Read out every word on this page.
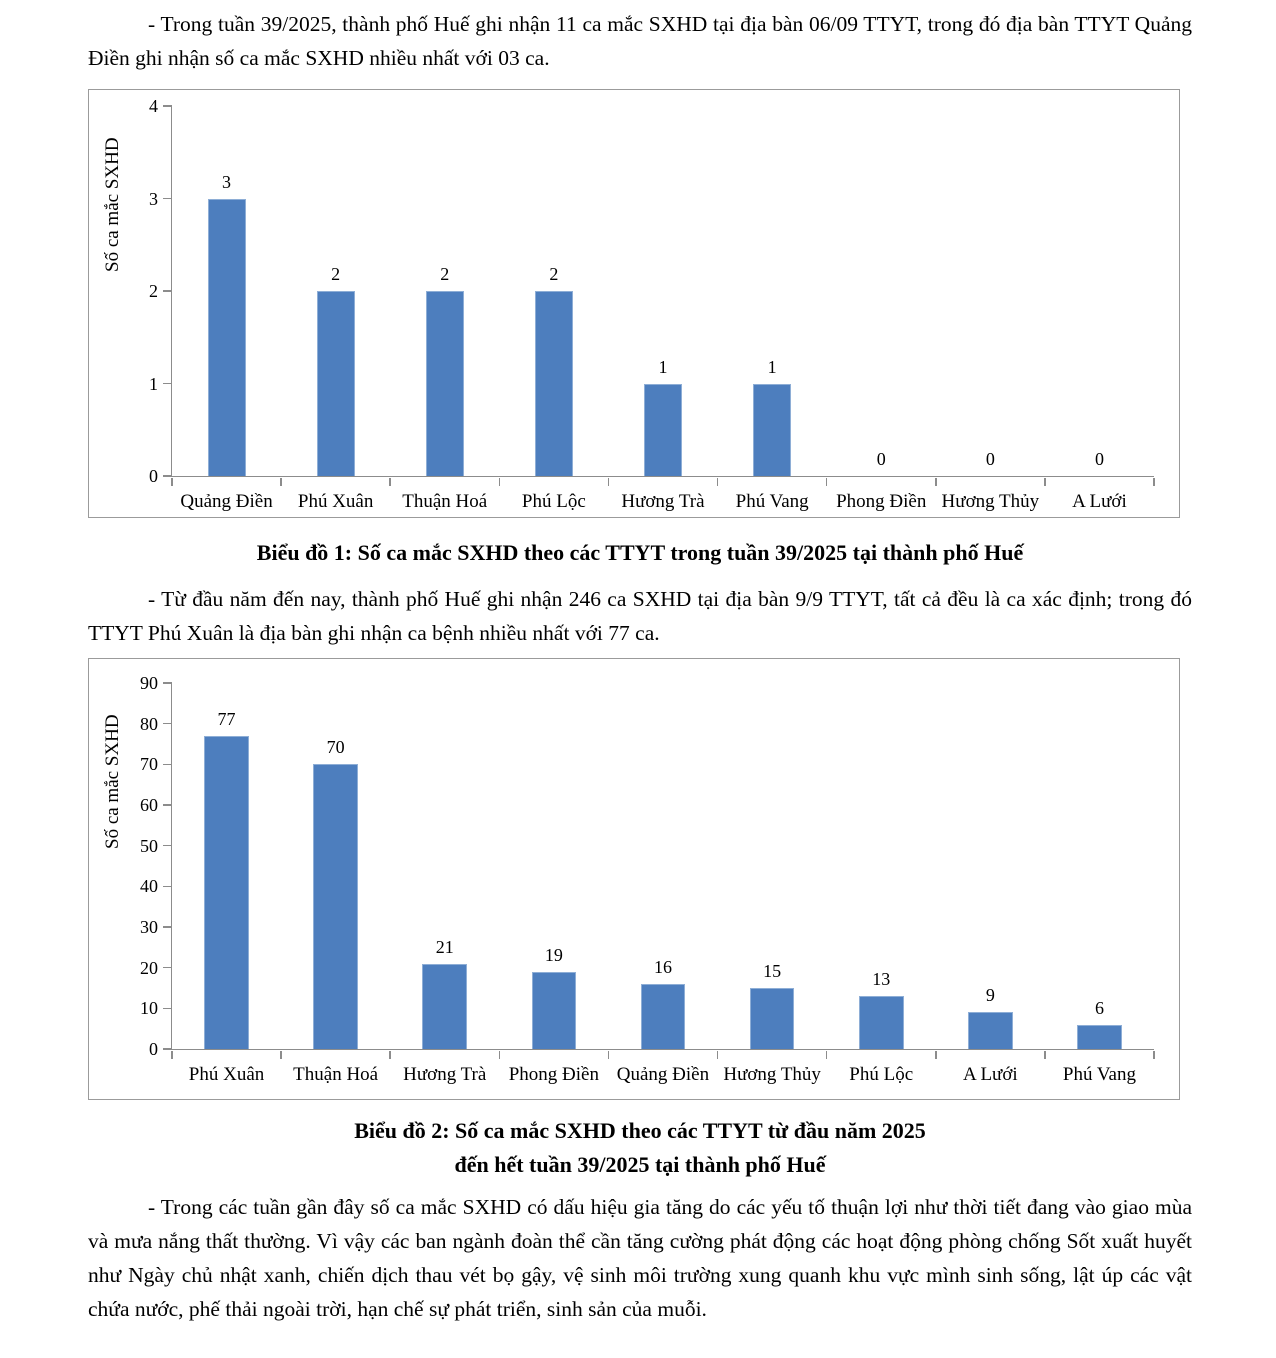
- Trong tuần 39/2025, thành phố Huế ghi nhận 11 ca mắc SXHD tại địa bàn 06/09 TTYT, trong đó địa bàn TTYT Quảng Điền ghi nhận số ca mắc SXHD nhiều nhất với 03 ca.

Số ca mắc SXHD
0
1
2
3
4
3
Quảng Điền
2
Phú Xuân
2
Thuận Hoá
2
Phú Lộc
1
Hương Trà
1
Phú Vang
0
Phong Điền
0
Hương Thủy
0
A Lưới

Biểu đồ 1: Số ca mắc SXHD theo các TTYT trong tuần 39/2025 tại thành phố Huế

- Từ đầu năm đến nay, thành phố Huế ghi nhận 246 ca SXHD tại địa bàn 9/9 TTYT, tất cả đều là ca xác định; trong đó TTYT Phú Xuân là địa bàn ghi nhận ca bệnh nhiều nhất với 77 ca.

Số ca mắc SXHD
0
10
20
30
40
50
60
70
80
90
77
Phú Xuân
70
Thuận Hoá
21
Hương Trà
19
Phong Điền
16
Quảng Điền
15
Hương Thủy
13
Phú Lộc
9
A Lưới
6
Phú Vang

Biểu đồ 2: Số ca mắc SXHD theo các TTYT từ đầu năm 2025
đến hết tuần 39/2025 tại thành phố Huế

- Trong các tuần gần đây số ca mắc SXHD có dấu hiệu gia tăng do các yếu tố thuận lợi như thời tiết đang vào giao mùa và mưa nắng thất thường. Vì vậy các ban ngành đoàn thể cần tăng cường phát động các hoạt động phòng chống Sốt xuất huyết như Ngày chủ nhật xanh, chiến dịch thau vét bọ gậy, vệ sinh môi trường xung quanh khu vực mình sinh sống, lật úp các vật chứa nước, phế thải ngoài trời, hạn chế sự phát triển, sinh sản của muỗi.
